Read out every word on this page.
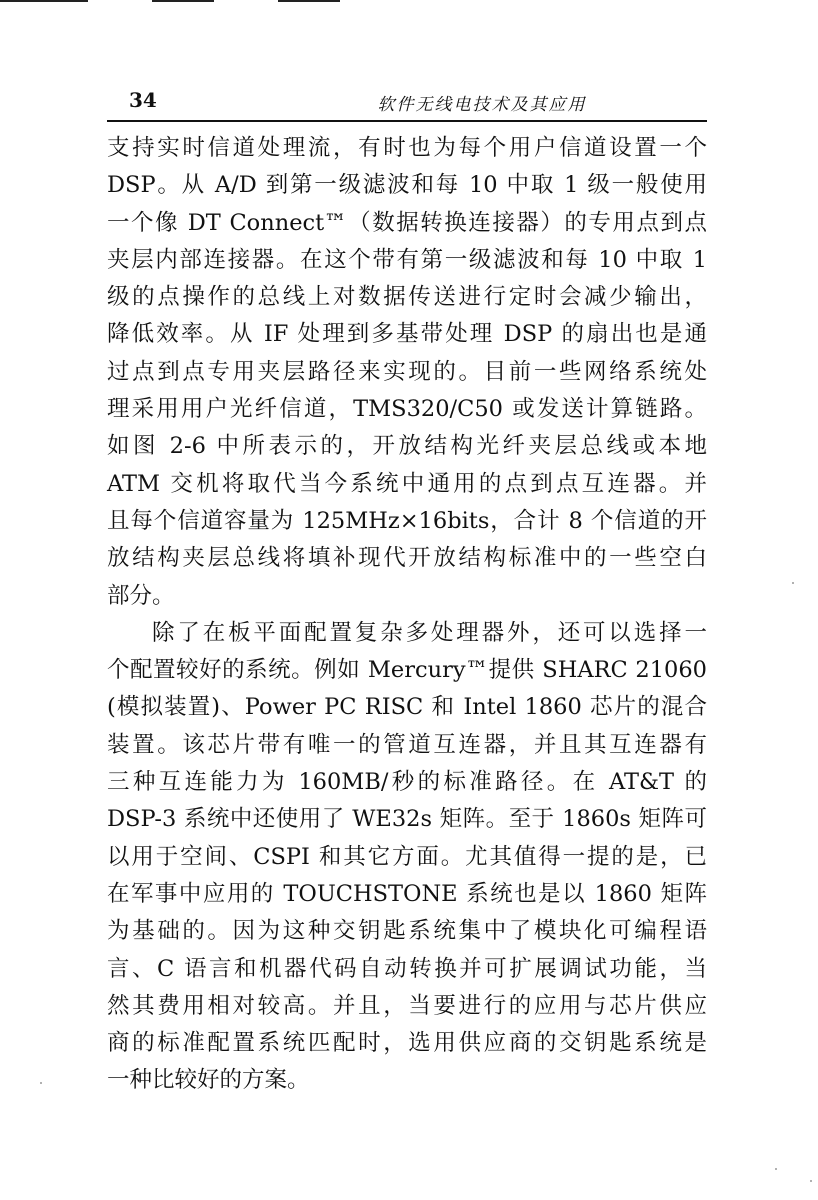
34	软件无线电技术及其应用
支持实时信道处理流，有时也为每个用户信道设置一个
DSP。从 A/D 到第一级滤波和每 10 中取 1 级一般使用
一个像 DT Connect™（数据转换连接器）的专用点到点
夹层内部连接器。在这个带有第一级滤波和每 10 中取 1
级的点操作的总线上对数据传送进行定时会减少输出，
降低效率。从 IF 处理到多基带处理 DSP 的扇出也是通
过点到点专用夹层路径来实现的。目前一些网络系统处
理采用用户光纤信道，TMS320/C50 或发送计算链路。
如图 2-6 中所表示的，开放结构光纤夹层总线或本地
ATM 交机将取代当今系统中通用的点到点互连器。并
且每个信道容量为 125MHz×16bits，合计 8 个信道的开
放结构夹层总线将填补现代开放结构标准中的一些空白
部分。
除了在板平面配置复杂多处理器外，还可以选择一
个配置较好的系统。例如 Mercury™提供 SHARC 21060
(模拟装置)、Power PC RISC 和 Intel 1860 芯片的混合
装置。该芯片带有唯一的管道互连器，并且其互连器有
三种互连能力为 160MB/秒的标准路径。在 AT&T 的
DSP-3 系统中还使用了 WE32s 矩阵。至于 1860s 矩阵可
以用于空间、CSPI 和其它方面。尤其值得一提的是，已
在军事中应用的 TOUCHSTONE 系统也是以 1860 矩阵
为基础的。因为这种交钥匙系统集中了模块化可编程语
言、C 语言和机器代码自动转换并可扩展调试功能，当
然其费用相对较高。并且，当要进行的应用与芯片供应
商的标准配置系统匹配时，选用供应商的交钥匙系统是
一种比较好的方案。
